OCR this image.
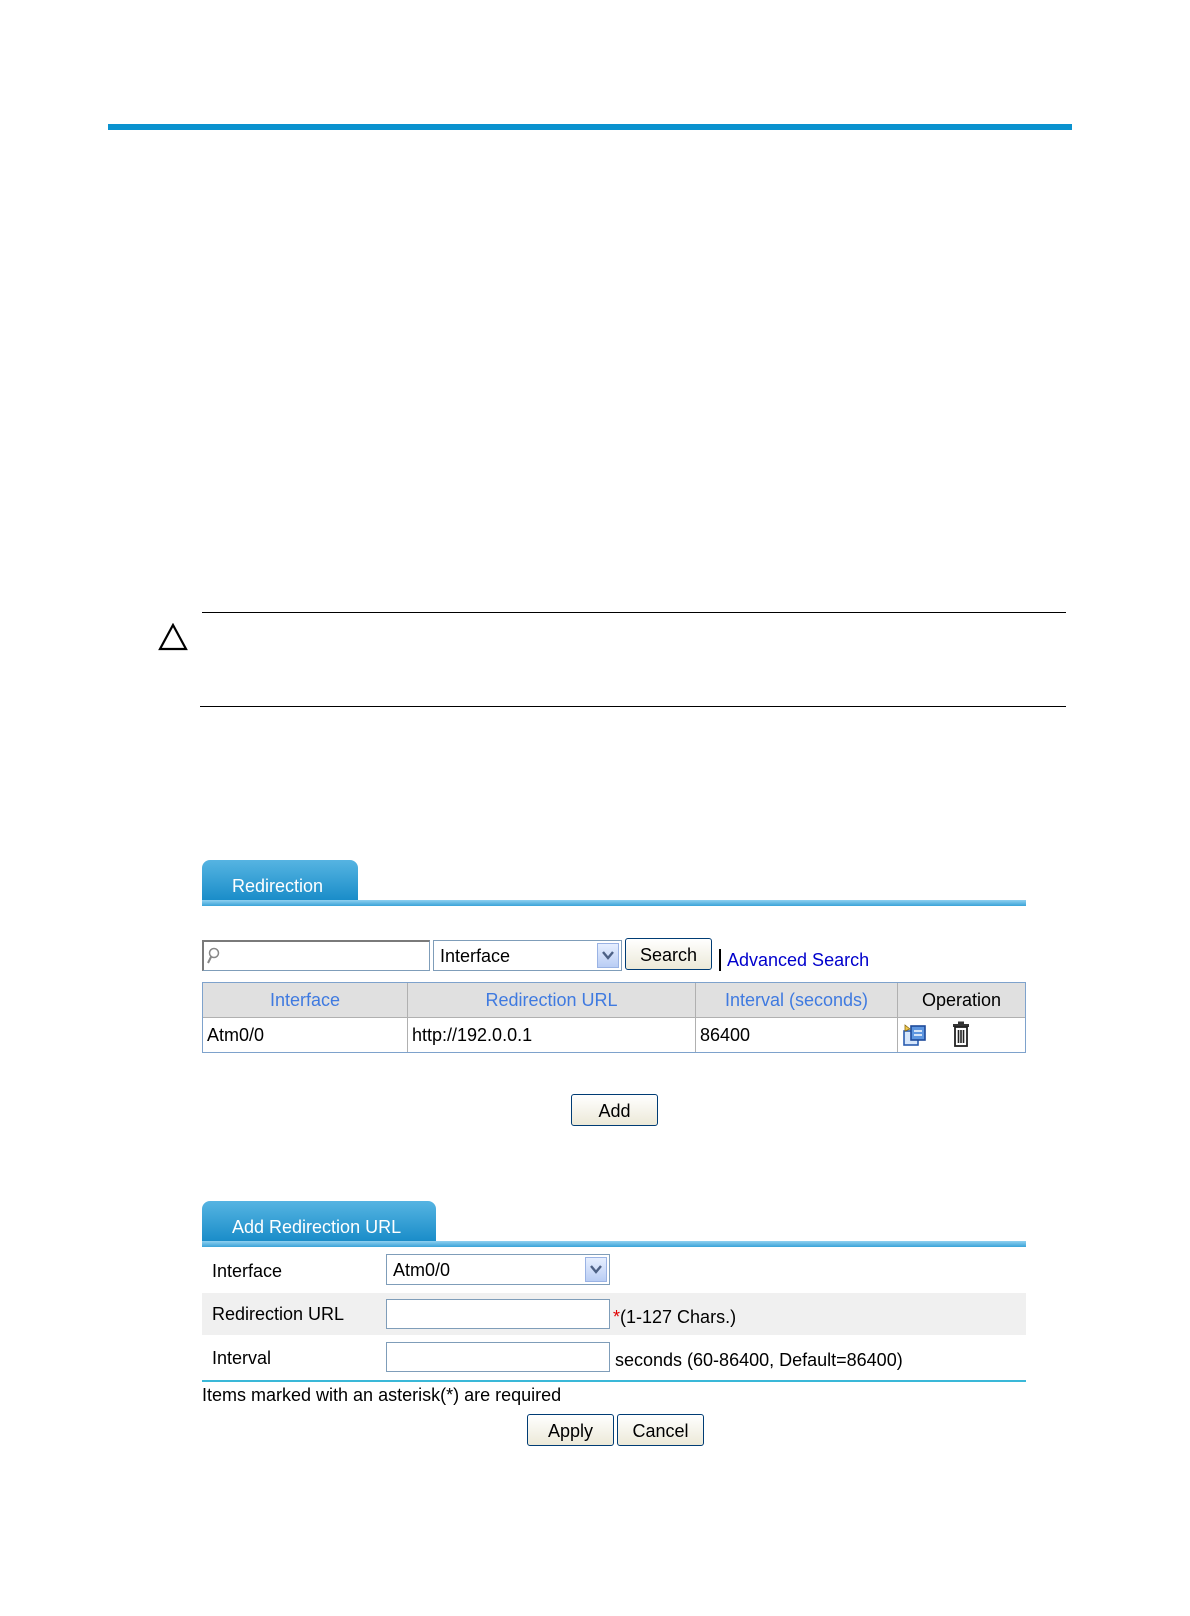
Redirection
Interface	Search	Advanced Search
Interface	Redirection URL	Interval (seconds)	Operation
Atm0/0	http://192.0.0.1	86400
Add
Add Redirection URL
Interface	Atm0/0
Redirection URL	*(1-127 Chars.)
Interval	seconds (60-86400, Default=86400)
Items marked with an asterisk(*) are required
Apply	Cancel
